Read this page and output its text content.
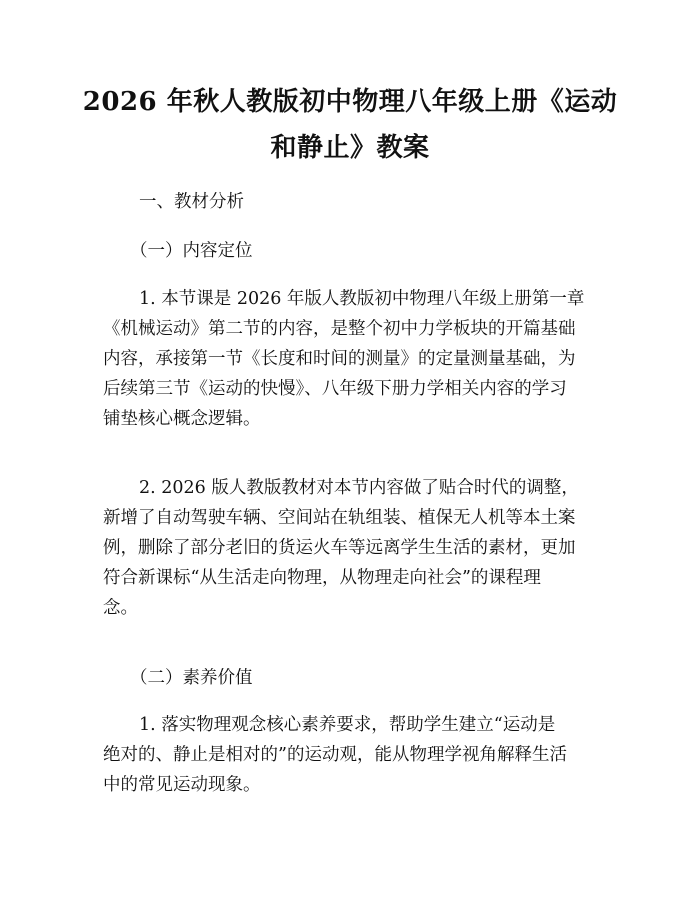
2026 年秋人教版初中物理八年级上册《运动
和静止》教案
一、教材分析
（一）内容定位
1. 本节课是 2026 年版人教版初中物理八年级上册第一章
《机械运动》第二节的内容，是整个初中力学板块的开篇基础
内容，承接第一节《长度和时间的测量》的定量测量基础，为
后续第三节《运动的快慢》、八年级下册力学相关内容的学习
铺垫核心概念逻辑。
2. 2026 版人教版教材对本节内容做了贴合时代的调整，
新增了自动驾驶车辆、空间站在轨组装、植保无人机等本土案
例，删除了部分老旧的货运火车等远离学生生活的素材，更加
符合新课标“从生活走向物理，从物理走向社会”的课程理
念。
（二）素养价值
1. 落实物理观念核心素养要求，帮助学生建立“运动是
绝对的、静止是相对的”的运动观，能从物理学视角解释生活
中的常见运动现象。
